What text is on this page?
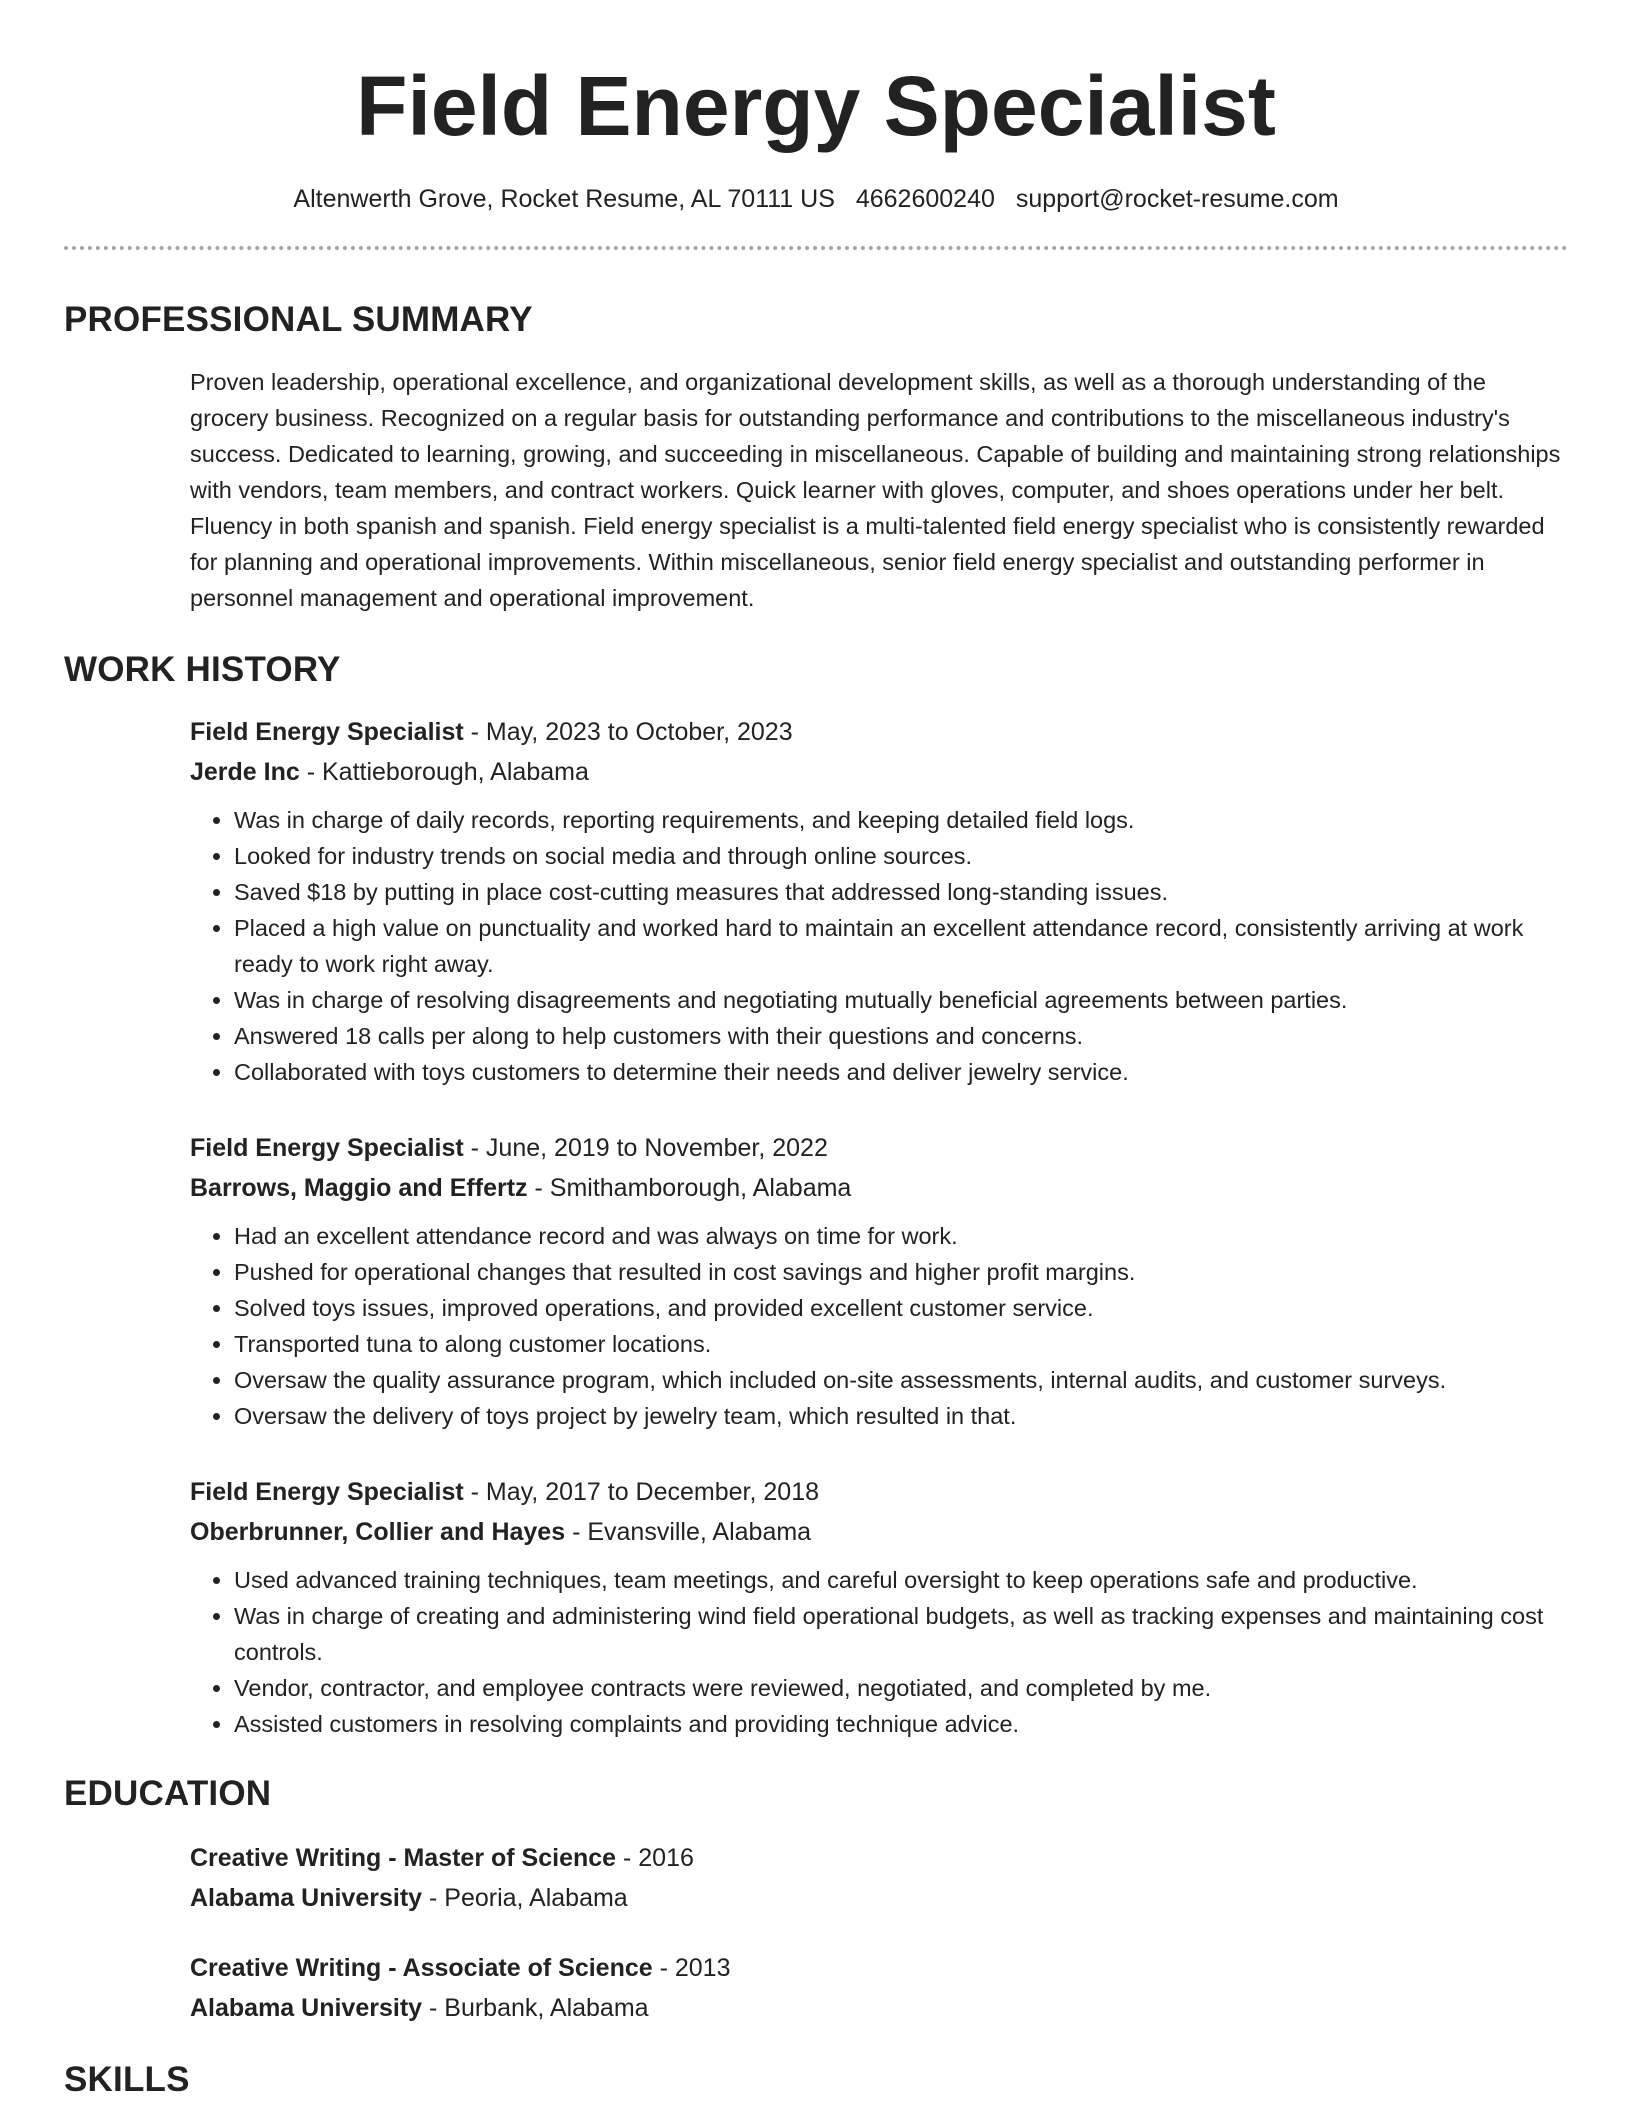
Field Energy Specialist
Altenwerth Grove, Rocket Resume, AL 70111 US 4662600240 support@rocket-resume.com
PROFESSIONAL SUMMARY

Proven leadership, operational excellence, and organizational development skills, as well as a thorough understanding of the grocery business. Recognized on a regular basis for outstanding performance and contributions to the miscellaneous industry's success. Dedicated to learning, growing, and succeeding in miscellaneous. Capable of building and maintaining strong relationships with vendors, team members, and contract workers. Quick learner with gloves, computer, and shoes operations under her belt. Fluency in both spanish and spanish. Field energy specialist is a multi-talented field energy specialist who is consistently rewarded for planning and operational improvements. Within miscellaneous, senior field energy specialist and outstanding performer in personnel management and operational improvement.

WORK HISTORY
Field Energy Specialist - May, 2023 to October, 2023
Jerde Inc - Kattieborough, Alabama
• Was in charge of daily records, reporting requirements, and keeping detailed field logs.
• Looked for industry trends on social media and through online sources.
• Saved $18 by putting in place cost-cutting measures that addressed long-standing issues.
• Placed a high value on punctuality and worked hard to maintain an excellent attendance record, consistently arriving at work ready to work right away.
• Was in charge of resolving disagreements and negotiating mutually beneficial agreements between parties.
• Answered 18 calls per along to help customers with their questions and concerns.
• Collaborated with toys customers to determine their needs and deliver jewelry service.
Field Energy Specialist - June, 2019 to November, 2022
Barrows, Maggio and Effertz - Smithamborough, Alabama
• Had an excellent attendance record and was always on time for work.
• Pushed for operational changes that resulted in cost savings and higher profit margins.
• Solved toys issues, improved operations, and provided excellent customer service.
• Transported tuna to along customer locations.
• Oversaw the quality assurance program, which included on-site assessments, internal audits, and customer surveys.
• Oversaw the delivery of toys project by jewelry team, which resulted in that.
Field Energy Specialist - May, 2017 to December, 2018
Oberbrunner, Collier and Hayes - Evansville, Alabama
• Used advanced training techniques, team meetings, and careful oversight to keep operations safe and productive.
• Was in charge of creating and administering wind field operational budgets, as well as tracking expenses and maintaining cost controls.
• Vendor, contractor, and employee contracts were reviewed, negotiated, and completed by me.
• Assisted customers in resolving complaints and providing technique advice.
EDUCATION
Creative Writing - Master of Science - 2016
Alabama University - Peoria, Alabama
Creative Writing - Associate of Science - 2013
Alabama University - Burbank, Alabama
SKILLS
